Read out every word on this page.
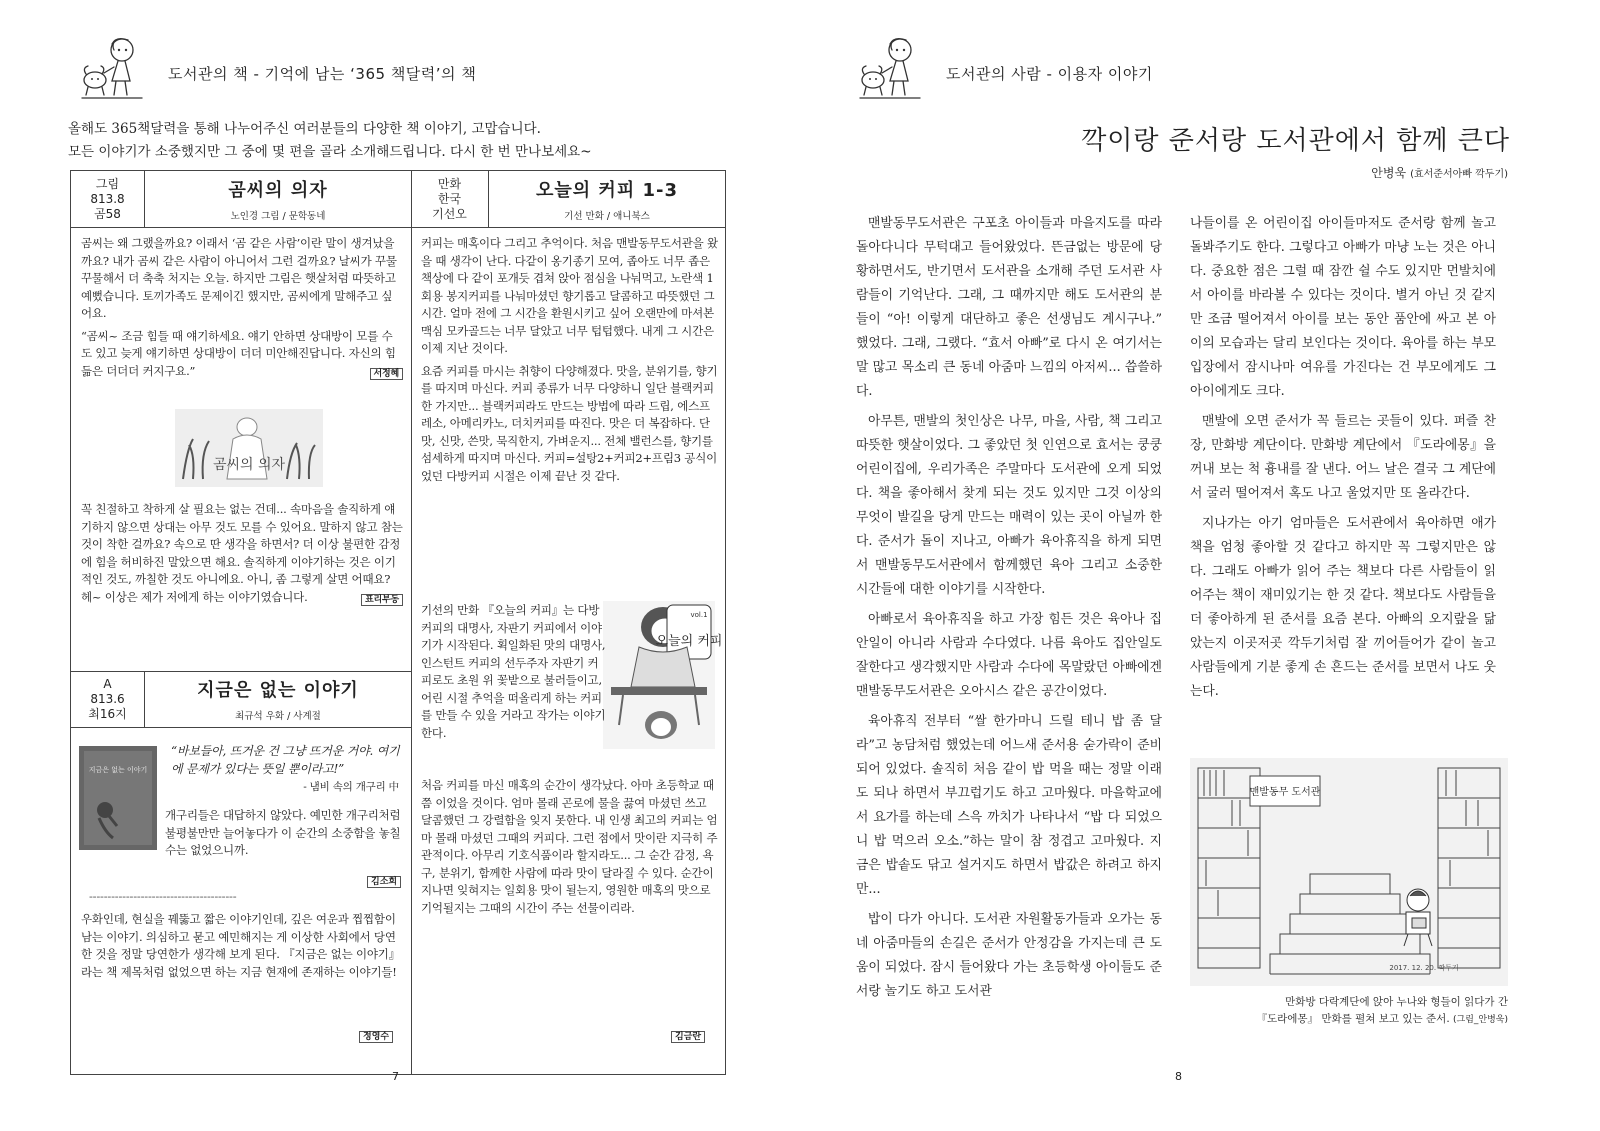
도서관의 책 - 기억에 남는 ‘365 책달력’의 책
올해도 365책달력을 통해 나누어주신 여러분들의 다양한 책 이야기, 고맙습니다.
모든 이야기가 소중했지만 그 중에 몇 편을 골라 소개해드립니다. 다시 한 번 만나보세요~
그림
813.8
곰58
곰씨의 의자
노인경 그림 / 문학동네
만화
한국
기선오
오늘의 커피 1-3
기선 만화 / 애니북스

곰씨는 왜 그랬을까요? 이래서 ‘곰 같은 사람’이란 말이 생겨났을까요? 내가 곰씨 같은 사람이 아니어서 그런 걸까요? 날씨가 꾸물꾸물해서 더 축축 처지는 오늘. 하지만 그림은 햇살처럼 따뜻하고 예뻤습니다. 토끼가족도 문제이긴 했지만, 곰씨에게 말해주고 싶어요.

“곰씨~ 조금 힘들 때 얘기하세요. 얘기 안하면 상대방이 모를 수도 있고 늦게 얘기하면 상대방이 더더 미안해진답니다. 자신의 힘듦은 더더더 커지구요.”	서정혜
곰씨의 의자

꼭 친절하고 착하게 살 필요는 없는 건데... 속마음을 솔직하게 얘기하지 않으면 상대는 아무 것도 모를 수 있어요. 말하지 않고 참는 것이 착한 걸까요? 속으로 딴 생각을 하면서? 더 이상 불편한 감정에 힘을 허비하진 말았으면 해요. 솔직하게 이야기하는 것은 이기적인 것도, 까칠한 것도 아니에요. 아니, 좀 그렇게 살면 어때요? 헤~ 이상은 제가 저에게 하는 이야기였습니다.	표리부동
A
813.6
최16지
지금은 없는 이야기
최규석 우화 / 사계절
지금은 없는 이야기
“바보들아, 뜨거운 건 그냥 뜨거운 거야. 여기에 문제가 있다는 뜻일 뿐이라고!”
- 냄비 속의 개구리 中
개구리들은 대답하지 않았다. 예민한 개구리처럼 불평불만만 늘어놓다가 이 순간의 소중함을 놓칠 수는 없었으니까.
김소희
----------------------------------------
우화인데, 현실을 꿰뚫고 짧은 이야기인데, 깊은 여운과 찝찝함이 남는 이야기. 의심하고 묻고 예민해지는 게 이상한 사회에서 당연한 것을 정말 당연한가 생각해 보게 된다. 『지금은 없는 이야기』라는 책 제목처럼 없었으면 하는 지금 현재에 존재하는 이야기들!
정영수

커피는 매혹이다 그리고 추억이다. 처음 맨발동무도서관을 왔을 때 생각이 난다. 다같이 옹기종기 모여, 좁아도 너무 좁은 책상에 다 같이 포개듯 겹쳐 앉아 점심을 나눠먹고, 노란색 1회용 봉지커피를 나눠마셨던 향기롭고 달콤하고 따뜻했던 그 시간. 얼마 전에 그 시간을 환원시키고 싶어 오랜만에 마셔본 맥심 모카골드는 너무 달았고 너무 텁텁했다. 내게 그 시간은 이제 지난 것이다.

요즘 커피를 마시는 취향이 다양해졌다. 맛을, 분위기를, 향기를 따지며 마신다. 커피 종류가 너무 다양하니 일단 블랙커피 한 가지만... 블랙커피라도 만드는 방법에 따라 드립, 에스프레소, 아메리카노, 더치커피를 따진다. 맛은 더 복잡하다. 단맛, 신맛, 쓴맛, 묵직한지, 가벼운지... 전체 밸런스를, 향기를 섬세하게 따지며 마신다. 커피=설탕2+커피2+프림3 공식이었던 다방커피 시절은 이제 끝난 것 같다.

vol.1
오늘의 커피
기선의 만화 『오늘의 커피』는 다방커피의 대명사, 자판기 커피에서 이야기가 시작된다. 획일화된 맛의 대명사, 인스턴트 커피의 선두주자 자판기 커피로도 초원 위 꽃밭으로 불러들이고, 어린 시절 추억을 떠올리게 하는 커피를 만들 수 있을 거라고 작가는 이야기한다.
처음 커피를 마신 매혹의 순간이 생각났다. 아마 초등학교 때 쯤 이었을 것이다. 엄마 몰래 곤로에 물을 끓여 마셨던 쓰고 달콤했던 그 강렬함을 잊지 못한다. 내 인생 최고의 커피는 엄마 몰래 마셨던 그때의 커피다. 그런 점에서 맛이란 지극히 주관적이다. 아무리 기호식품이라 할지라도... 그 순간 감정, 욕구, 분위기, 함께한 사람에 따라 맛이 달라질 수 있다. 순간이 지나면 잊혀지는 일회용 맛이 될는지, 영원한 매혹의 맛으로 기억될지는 그때의 시간이 주는 선물이리라.
김금란
7
도서관의 사람 - 이용자 이야기
깍이랑 준서랑 도서관에서 함께 큰다
안병욱 (효서준서아빠 깍두기)

맨발동무도서관은 구포초 아이들과 마을지도를 따라 돌아다니다 무턱대고 들어왔었다. 뜬금없는 방문에 당황하면서도, 반기면서 도서관을 소개해 주던 도서관 사람들이 기억난다. 그래, 그 때까지만 해도 도서관의 분들이 “아! 이렇게 대단하고 좋은 선생님도 계시구나.” 했었다. 그래, 그랬다. “효서 아빠”로 다시 온 여기서는 말 많고 목소리 큰 동네 아줌마 느낌의 아저씨... 씁쓸하다.

아무튼, 맨발의 첫인상은 나무, 마을, 사람, 책 그리고 따뜻한 햇살이었다. 그 좋았던 첫 인연으로 효서는 쿵쿵 어린이집에, 우리가족은 주말마다 도서관에 오게 되었다. 책을 좋아해서 찾게 되는 것도 있지만 그것 이상의 무엇이 발길을 당게 만드는 매력이 있는 곳이 아닐까 한다. 준서가 돌이 지나고, 아빠가 육아휴직을 하게 되면서 맨발동무도서관에서 함께했던 육아 그리고 소중한 시간들에 대한 이야기를 시작한다.

아빠로서 육아휴직을 하고 가장 힘든 것은 육아나 집안일이 아니라 사람과 수다였다. 나름 육아도 집안일도 잘한다고 생각했지만 사람과 수다에 목말랐던 아빠에겐 맨발동무도서관은 오아시스 같은 공간이었다.

육아휴직 전부터 “쌀 한가마니 드릴 테니 밥 좀 달라”고 농담처럼 했었는데 어느새 준서용 숟가락이 준비되어 있었다. 솔직히 처음 같이 밥 먹을 때는 정말 이래도 되나 하면서 부끄럽기도 하고 고마웠다. 마을학교에서 요가를 하는데 스윽 까치가 나타나서 “밥 다 되었으니 밥 먹으러 오소.”하는 말이 참 정겹고 고마웠다. 지금은 밥솥도 닦고 설거지도 하면서 밥값은 하려고 하지만...

밥이 다가 아니다. 도서관 자원활동가들과 오가는 동네 아줌마들의 손길은 준서가 안정감을 가지는데 큰 도움이 되었다. 잠시 들어왔다 가는 초등학생 아이들도 준서랑 놀기도 하고 도서관

나들이를 온 어린이집 아이들마저도 준서랑 함께 놀고 돌봐주기도 한다. 그렇다고 아빠가 마냥 노는 것은 아니다. 중요한 점은 그럴 때 잠깐 쉴 수도 있지만 먼발치에서 아이를 바라볼 수 있다는 것이다. 별거 아닌 것 같지만 조금 떨어져서 아이를 보는 동안 품안에 싸고 본 아이의 모습과는 달리 보인다는 것이다. 육아를 하는 부모입장에서 잠시나마 여유를 가진다는 건 부모에게도 그 아이에게도 크다.

맨발에 오면 준서가 꼭 들르는 곳들이 있다. 퍼즐 찬장, 만화방 계단이다. 만화방 계단에서 『도라에몽』을 꺼내 보는 척 흉내를 잘 낸다. 어느 날은 결국 그 계단에서 굴러 떨어져서 혹도 나고 울었지만 또 올라간다.

지나가는 아기 엄마들은 도서관에서 육아하면 애가 책을 엄청 좋아할 것 같다고 하지만 꼭 그렇지만은 않다. 그래도 아빠가 읽어 주는 책보다 다른 사람들이 읽어주는 책이 재미있기는 한 것 같다. 책보다도 사람들을 더 좋아하게 된 준서를 요즘 본다. 아빠의 오지랖을 닮았는지 이곳저곳 깍두기처럼 잘 끼어들어가 같이 놀고 사람들에게 기분 좋게 손 흔드는 준서를 보면서 나도 웃는다.

맨발동무 도서관
2017. 12. 20. 깍두기
만화방 다락계단에 앉아 누나와 형들이 읽다가 간
『도라에몽』 만화를 펼쳐 보고 있는 준서. (그림_안병욱)
8
